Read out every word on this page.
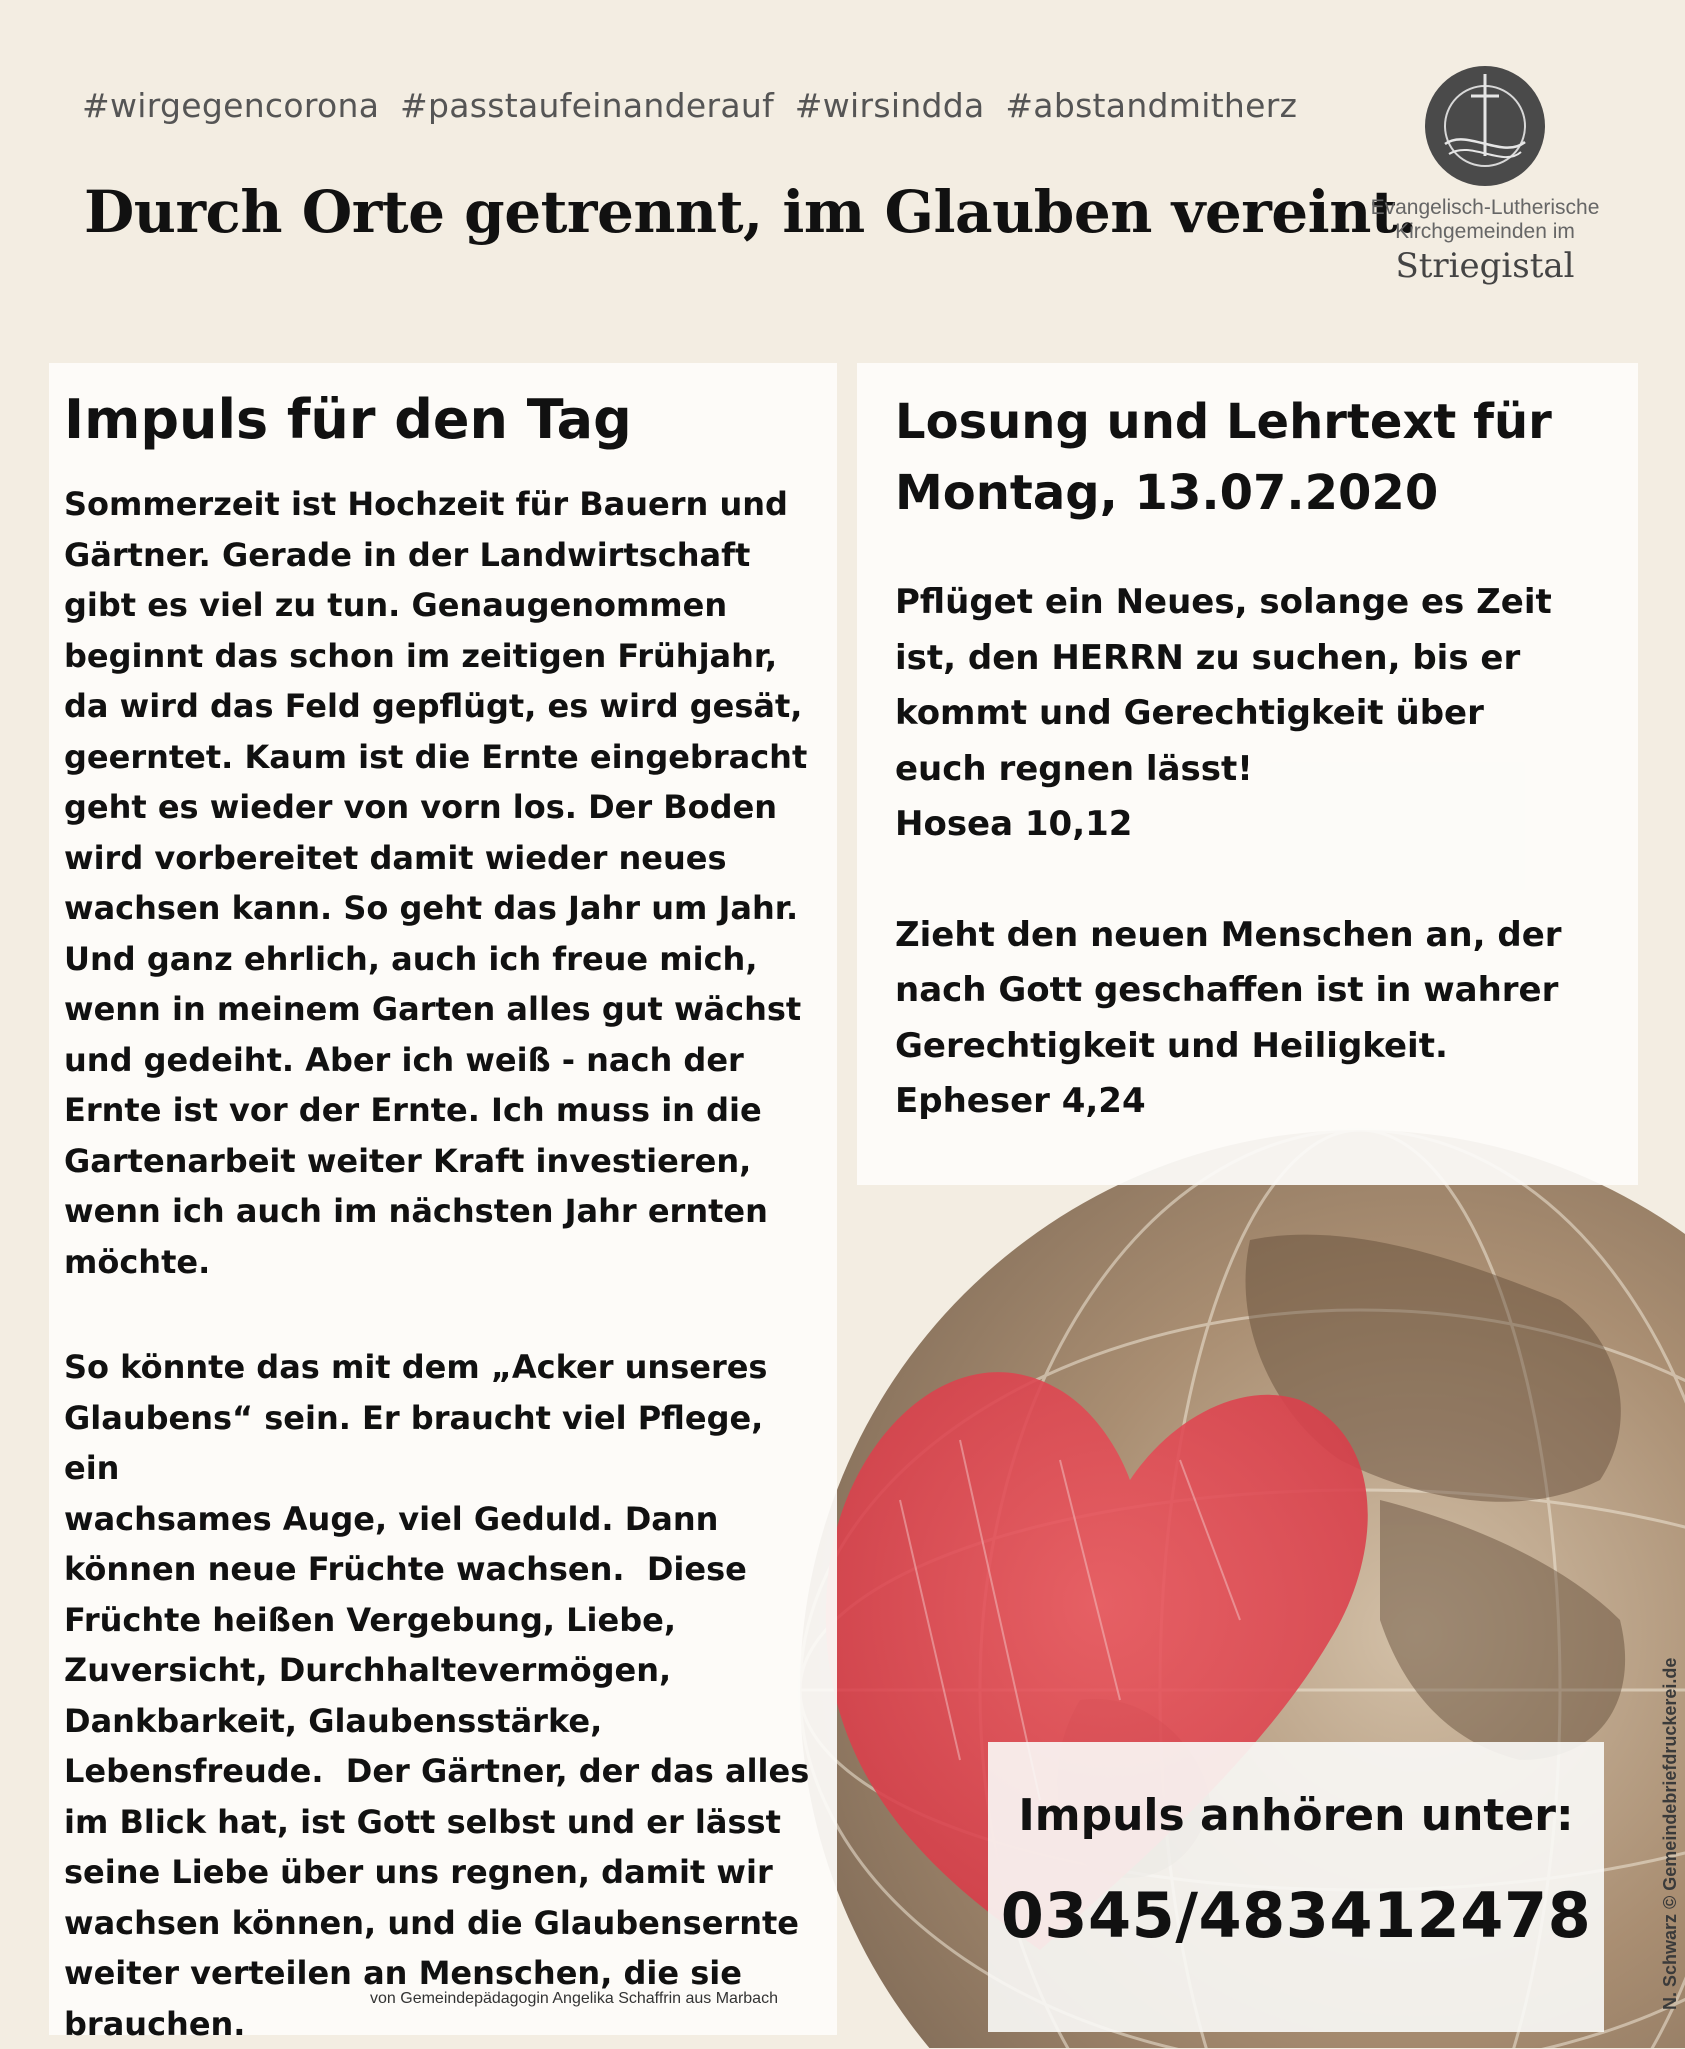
#wirgegencorona #passtaufeinanderauf #wirsindda #abstandmitherz
Durch Orte getrennt, im Glauben vereint.
Evangelisch-Lutherische
Kirchgemeinden im
Striegistal
Impuls für den Tag

Sommerzeit ist Hochzeit für Bauern und
Gärtner. Gerade in der Landwirtschaft
gibt es viel zu tun. Genaugenommen
beginnt das schon im zeitigen Frühjahr,
da wird das Feld gepflügt, es wird gesät,
geerntet. Kaum ist die Ernte eingebracht
geht es wieder von vorn los. Der Boden
wird vorbereitet damit wieder neues
wachsen kann. So geht das Jahr um Jahr.
Und ganz ehrlich, auch ich freue mich,
wenn in meinem Garten alles gut wächst
und gedeiht. Aber ich weiß - nach der
Ernte ist vor der Ernte. Ich muss in die
Gartenarbeit weiter Kraft investieren,
wenn ich auch im nächsten Jahr ernten
möchte.

So könnte das mit dem „Acker unseres
Glaubens“ sein. Er braucht viel Pflege, ein
wachsames Auge, viel Geduld. Dann
können neue Früchte wachsen.  Diese
Früchte heißen Vergebung, Liebe,
Zuversicht, Durchhaltevermögen,
Dankbarkeit, Glaubensstärke,
Lebensfreude.  Der Gärtner, der das alles
im Blick hat, ist Gott selbst und er lässt
seine Liebe über uns regnen, damit wir
wachsen können, und die Glaubensernte
weiter verteilen an Menschen, die sie
brauchen.

von Gemeindepädagogin Angelika Schaffrin aus Marbach
Losung und Lehrtext für
Montag, 13.07.2020

Pflüget ein Neues, solange es Zeit
ist, den HERRN zu suchen, bis er
kommt und Gerechtigkeit über
euch regnen lässt!

Hosea 10,12

Zieht den neuen Menschen an, der
nach Gott geschaffen ist in wahrer
Gerechtigkeit und Heiligkeit.

Epheser 4,24

Impuls anhören unter:
0345/483412478	N. Schwarz © Gemeindebriefdruckerei.de
